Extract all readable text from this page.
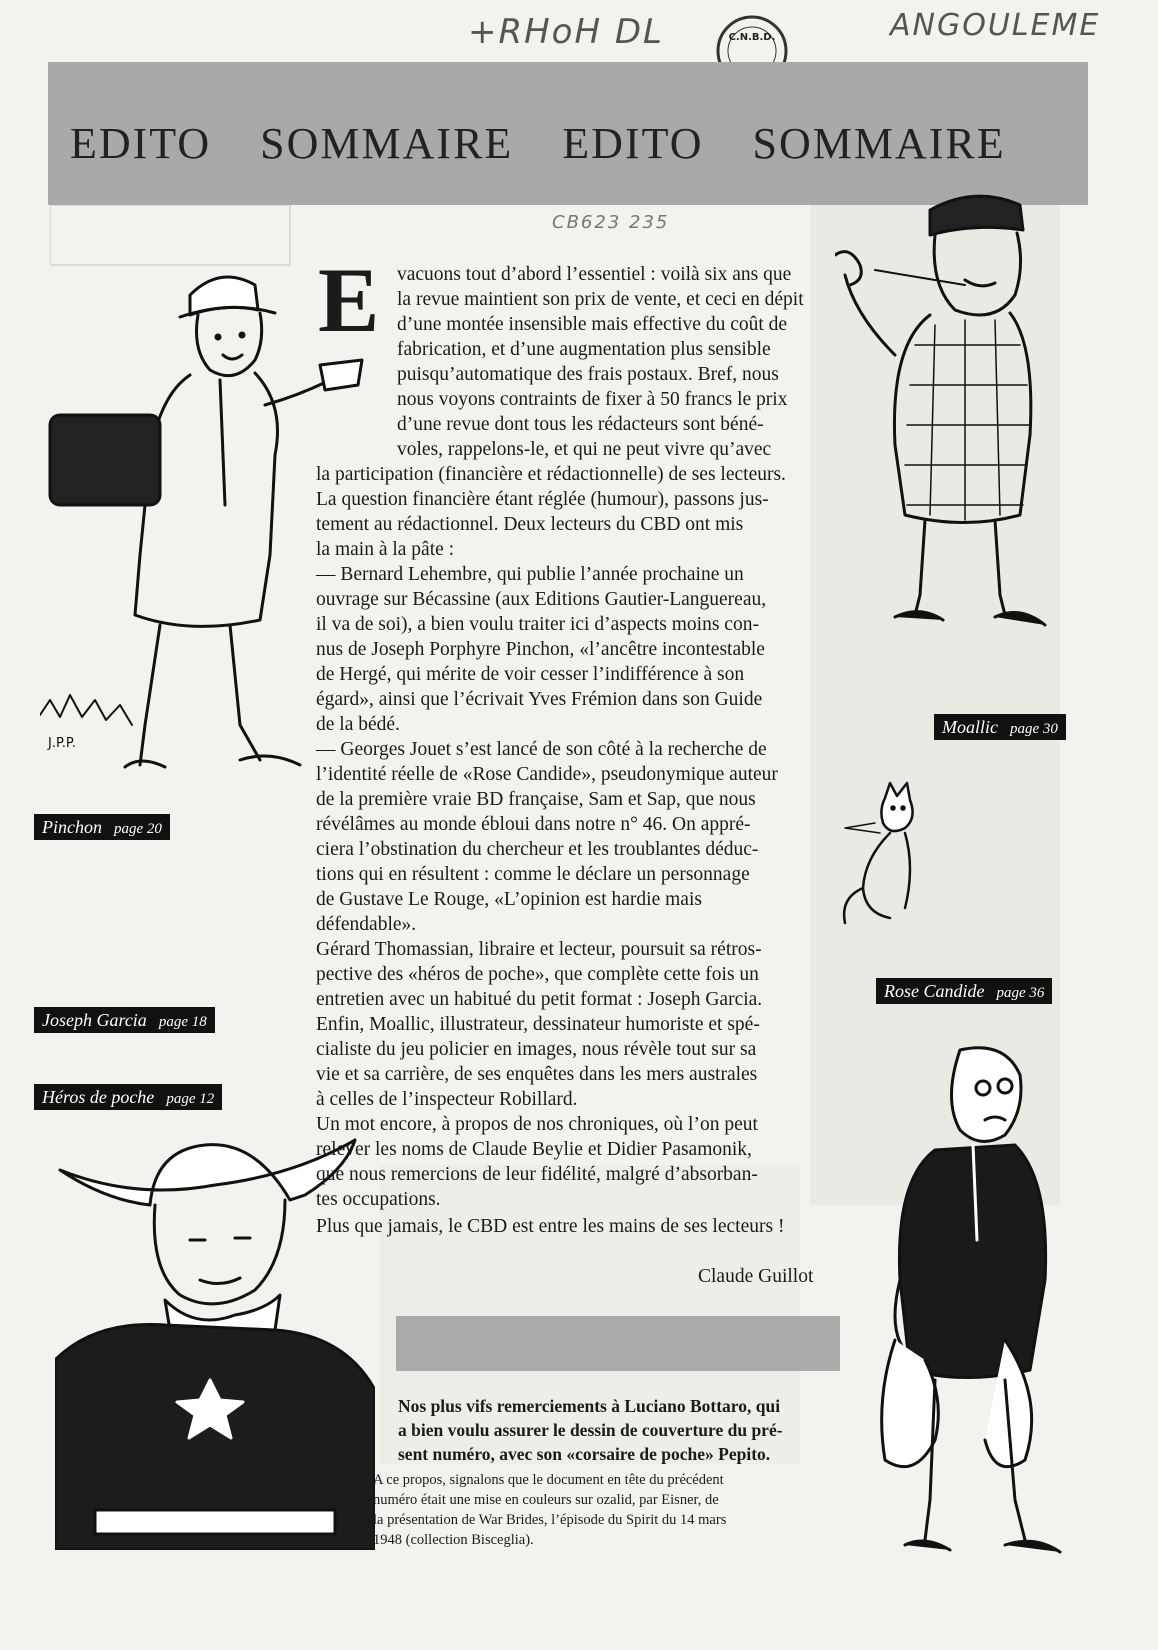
+RHoH DL	ANGOULEME
CB623 235
C.N.B.D.
EDITO SOMMAIRE EDITO SOMMAIRE
J.P.P.
E vacuons tout d’abord l’essentiel : voilà six ans que
la revue maintient son prix de vente, et ceci en dépit
d’une montée insensible mais effective du coût de
fabrication, et d’une augmentation plus sensible
puisqu’automatique des frais postaux. Bref, nous
nous voyons contraints de fixer à 50 francs le prix
d’une revue dont tous les rédacteurs sont béné-
voles, rappelons-le, et qui ne peut vivre qu’avec
la participation (financière et rédactionnelle) de ses lecteurs.
La question financière étant réglée (humour), passons jus-
tement au rédactionnel. Deux lecteurs du CBD ont mis
la main à la pâte :
— Bernard Lehembre, qui publie l’année prochaine un
ouvrage sur Bécassine (aux Editions Gautier-Languereau,
il va de soi), a bien voulu traiter ici d’aspects moins con-
nus de Joseph Porphyre Pinchon, «l’ancêtre incontestable
de Hergé, qui mérite de voir cesser l’indifférence à son
égard», ainsi que l’écrivait Yves Frémion dans son Guide
de la bédé.
— Georges Jouet s’est lancé de son côté à la recherche de
l’identité réelle de «Rose Candide», pseudonymique auteur
de la première vraie BD française, Sam et Sap, que nous
révélâmes au monde ébloui dans notre n° 46. On appré-
ciera l’obstination du chercheur et les troublantes déduc-
tions qui en résultent : comme le déclare un personnage
de Gustave Le Rouge, «L’opinion est hardie mais
défendable».
Gérard Thomassian, libraire et lecteur, poursuit sa rétros-
pective des «héros de poche», que complète cette fois un
entretien avec un habitué du petit format : Joseph Garcia.
Enfin, Moallic, illustrateur, dessinateur humoriste et spé-
cialiste du jeu policier en images, nous révèle tout sur sa
vie et sa carrière, de ses enquêtes dans les mers australes
à celles de l’inspecteur Robillard.
Un mot encore, à propos de nos chroniques, où l’on peut
relever les noms de Claude Beylie et Didier Pasamonik,
que nous remercions de leur fidélité, malgré d’absorban-
tes occupations.
Plus que jamais, le CBD est entre les mains de ses lecteurs !
Claude Guillot
Pinchon page 20
Moallic page 30
Rose Candide page 36
Joseph Garcia page 18
Héros de poche page 12
Nos plus vifs remerciements à Luciano Bottaro, qui
a bien voulu assurer le dessin de couverture du pré-
sent numéro, avec son «corsaire de poche» Pepito.
A ce propos, signalons que le document en tête du précédent
numéro était une mise en couleurs sur ozalid, par Eisner, de
la présentation de War Brides, l’épisode du Spirit du 14 mars
1948 (collection Bisceglia).
